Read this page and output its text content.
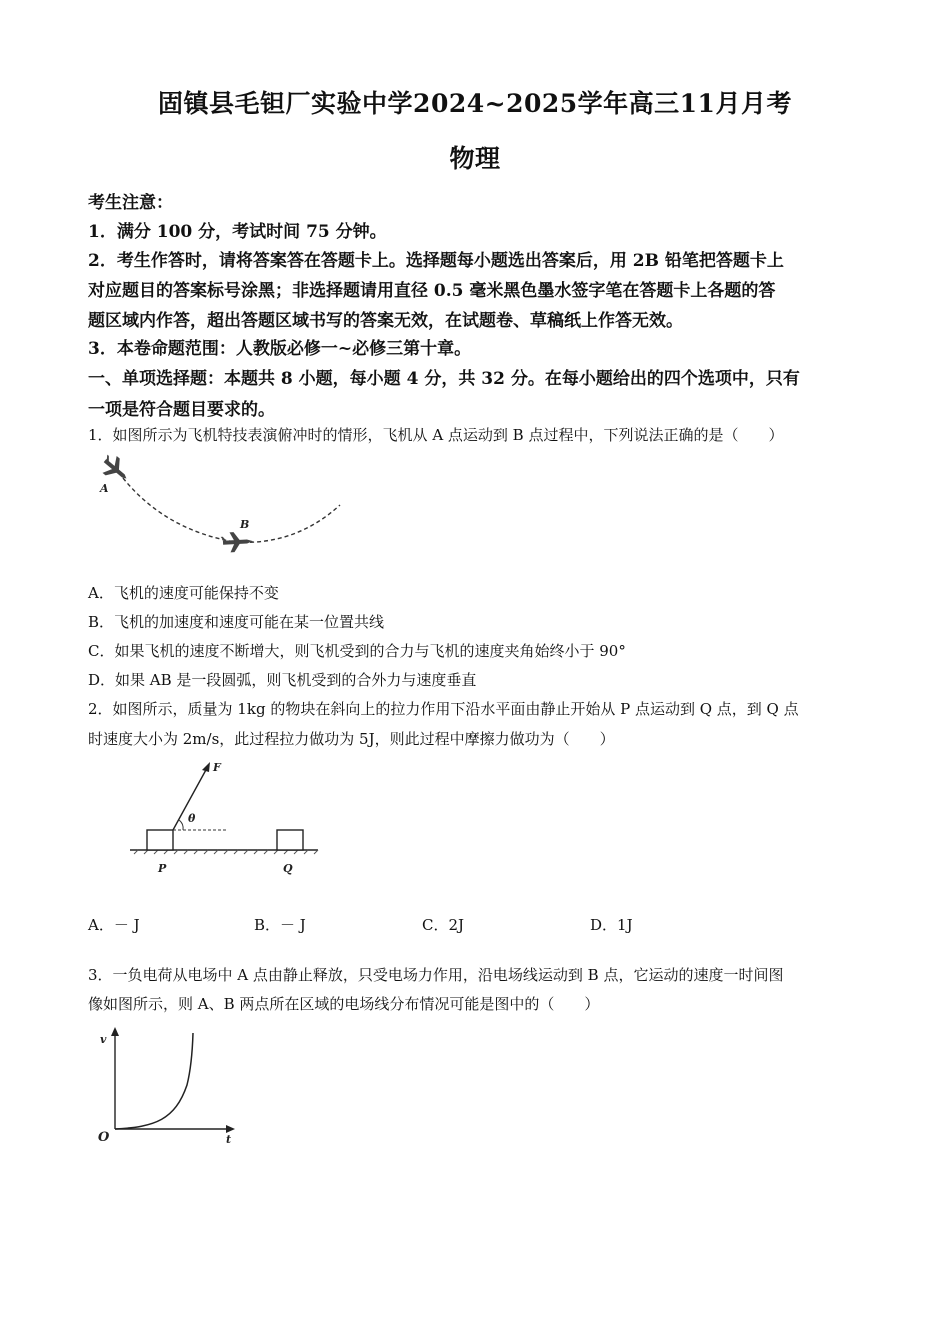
固镇县毛钽厂实验中学2024~2025学年高三11月月考
物理
考生注意：
1．满分 100 分，考试时间 75 分钟。
2．考生作答时，请将答案答在答题卡上。选择题每小题选出答案后，用 2B 铅笔把答题卡上
对应题目的答案标号涂黑；非选择题请用直径 0.5 毫米黑色墨水签字笔在答题卡上各题的答
题区域内作答，超出答题区域书写的答案无效，在试题卷、草稿纸上作答无效。
3．本卷命题范围：人教版必修一~必修三第十章。
一、单项选择题：本题共 8 小题，每小题 4 分，共 32 分。在每小题给出的四个选项中，只有
一项是符合题目要求的。
1．如图所示为飞机特技表演俯冲时的情形，飞机从 A 点运动到 B 点过程中，下列说法正确的是（　　）
A
B
A．飞机的速度可能保持不变
B．飞机的加速度和速度可能在某一位置共线
C．如果飞机的速度不断增大，则飞机受到的合力与飞机的速度夹角始终小于 90°
D．如果 AB 是一段圆弧，则飞机受到的合外力与速度垂直
2．如图所示，质量为 1kg 的物块在斜向上的拉力作用下沿水平面由静止开始从 P 点运动到 Q 点，到 Q 点
时速度大小为 2m/s，此过程拉力做功为 5J，则此过程中摩擦力做功为（　　）
F
θ
P	Q
A．－ J	B．－ J	C．2J	D．1J
3．一负电荷从电场中 A 点由静止释放，只受电场力作用，沿电场线运动到 B 点，它运动的速度一时间图
像如图所示，则 A、B 两点所在区域的电场线分布情况可能是图中的（　　）
v
O	t
